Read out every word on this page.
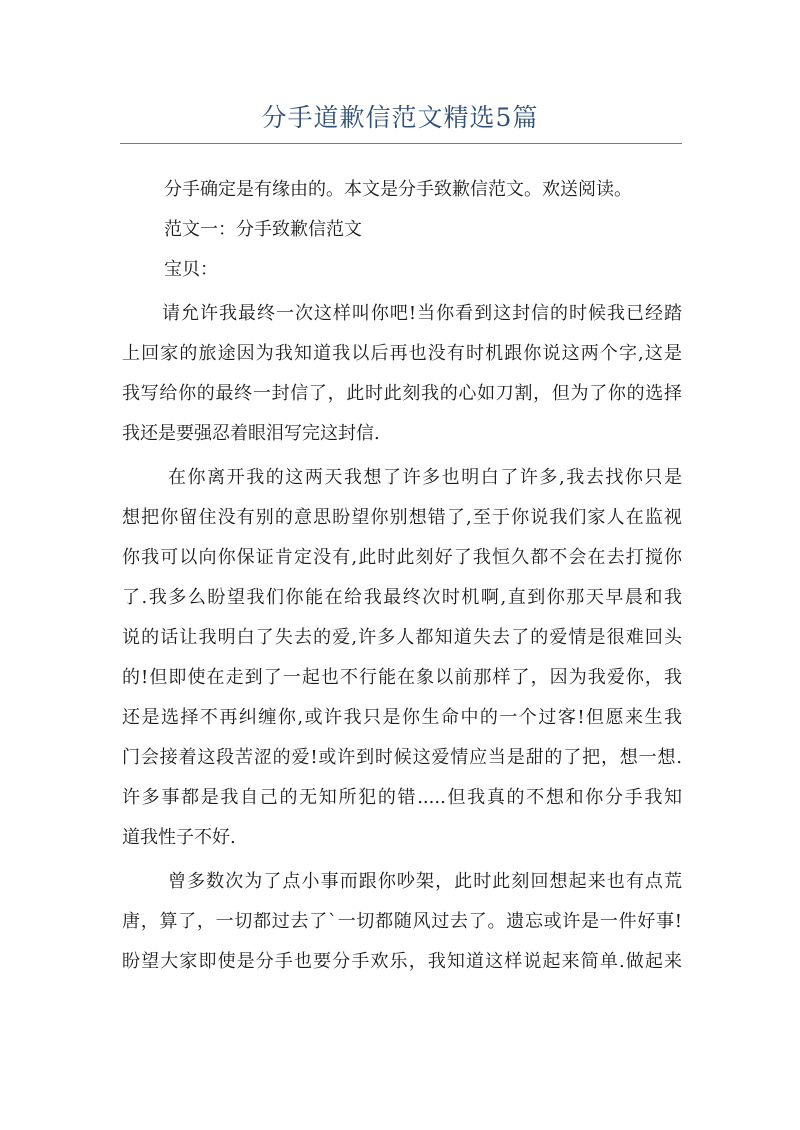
分手道歉信范文精选5篇
分手确定是有缘由的。本文是分手致歉信范文。欢送阅读。
范文一：分手致歉信范文
宝贝：
请允许我最终一次这样叫你吧!当你看到这封信的时候我已经踏
上回家的旅途因为我知道我以后再也没有时机跟你说这两个字,这是
我写给你的最终一封信了，此时此刻我的心如刀割，但为了你的选择
我还是要强忍着眼泪写完这封信.
在你离开我的这两天我想了许多也明白了许多,我去找你只是
想把你留住没有别的意思盼望你别想错了,至于你说我们家人在监视
你我可以向你保证肯定没有,此时此刻好了我恒久都不会在去打搅你
了.我多么盼望我们你能在给我最终次时机啊,直到你那天早晨和我
说的话让我明白了失去的爱,许多人都知道失去了的爱情是很难回头
的!但即使在走到了一起也不行能在象以前那样了，因为我爱你，我
还是选择不再纠缠你,或许我只是你生命中的一个过客!但愿来生我
门会接着这段苦涩的爱!或许到时候这爱情应当是甜的了把，想一想.
许多事都是我自己的无知所犯的错.....但我真的不想和你分手我知
道我性子不好.
曾多数次为了点小事而跟你吵架，此时此刻回想起来也有点荒
唐，算了，一切都过去了`一切都随风过去了。遗忘或许是一件好事!
盼望大家即使是分手也要分手欢乐，我知道这样说起来简单.做起来
